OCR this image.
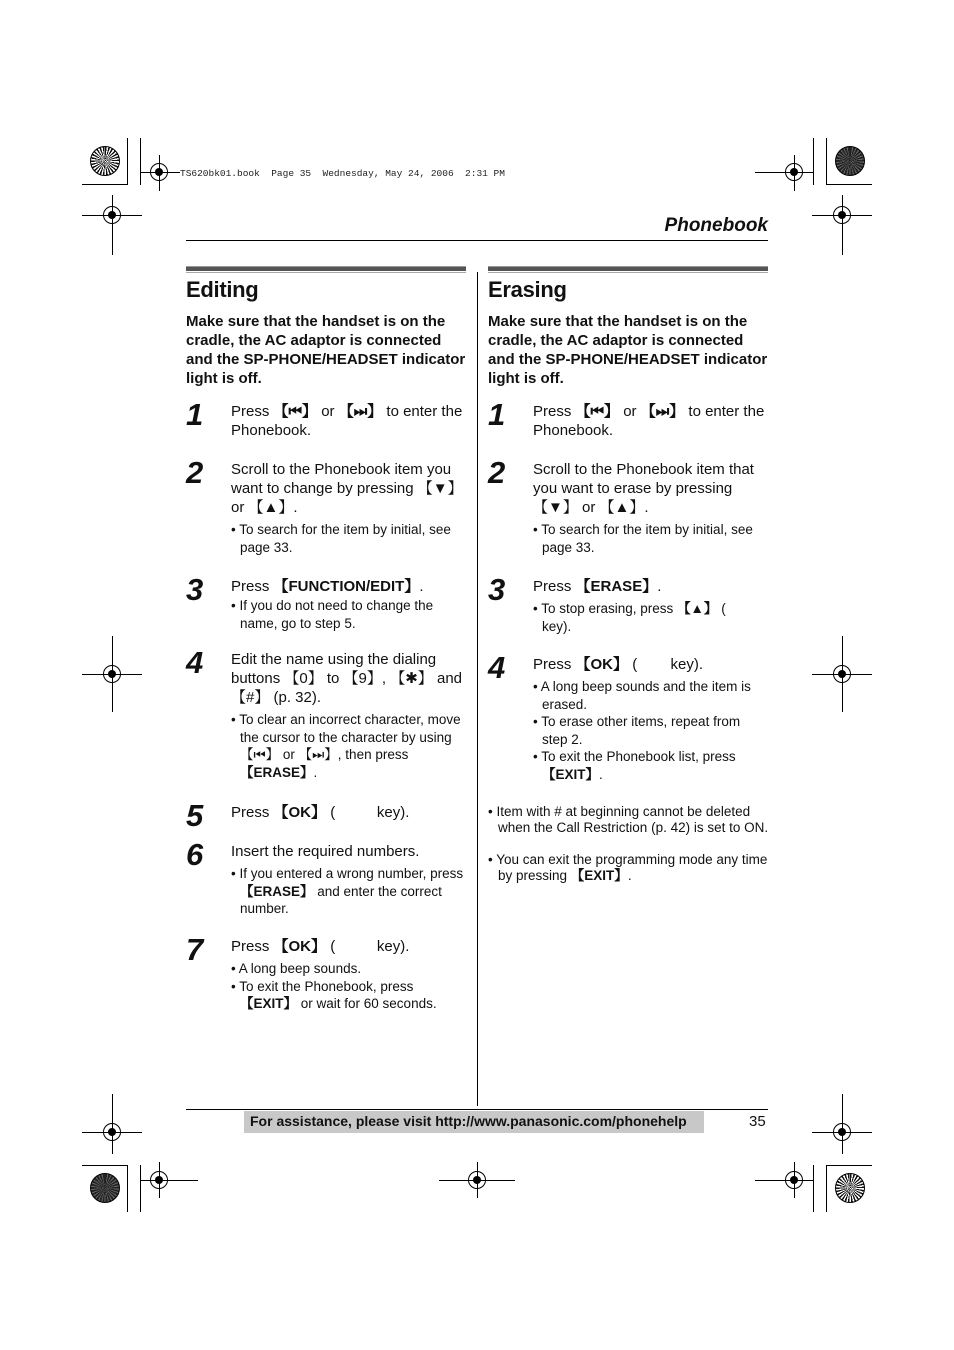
TS620bk01.book  Page 35  Wednesday, May 24, 2006  2:31 PM
Phonebook
Editing
Make sure that the handset is on the cradle, the AC adaptor is connected and the SP-PHONE/HEADSET indicator light is off.
1 Press 【⏮】 or 【⏭】 to enter the Phonebook.
2 Scroll to the Phonebook item you want to change by pressing 【▼】 or 【▲】.
• To search for the item by initial, see page 33.
3 Press 【FUNCTION/EDIT】.
• If you do not need to change the name, go to step 5.
4 Edit the name using the dialing buttons 【0】 to 【9】, 【✱】 and 【#】 (p. 32).
• To clear an incorrect character, move the cursor to the character by using 【⏮】 or 【⏭】, then press 【ERASE】.
5 Press 【OK】 (          key).
6 Insert the required numbers.
• If you entered a wrong number, press 【ERASE】 and enter the correct number.
7 Press 【OK】 (          key).
• A long beep sounds.
• To exit the Phonebook, press 【EXIT】 or wait for 60 seconds.
Erasing
Make sure that the handset is on the cradle, the AC adaptor is connected and the SP-PHONE/HEADSET indicator light is off.
1 Press 【⏮】 or 【⏭】 to enter the Phonebook.
2 Scroll to the Phonebook item that you want to erase by pressing 【▼】 or 【▲】.
• To search for the item by initial, see page 33.
3 Press 【ERASE】.
• To stop erasing, press 【▲】 (      key).
4 Press 【OK】 (        key).
• A long beep sounds and the item is erased.
• To erase other items, repeat from step 2.
• To exit the Phonebook list, press 【EXIT】.
• Item with # at beginning cannot be deleted when the Call Restriction (p. 42) is set to ON.
• You can exit the programming mode any time by pressing 【EXIT】.
For assistance, please visit http://www.panasonic.com/phonehelp	35
